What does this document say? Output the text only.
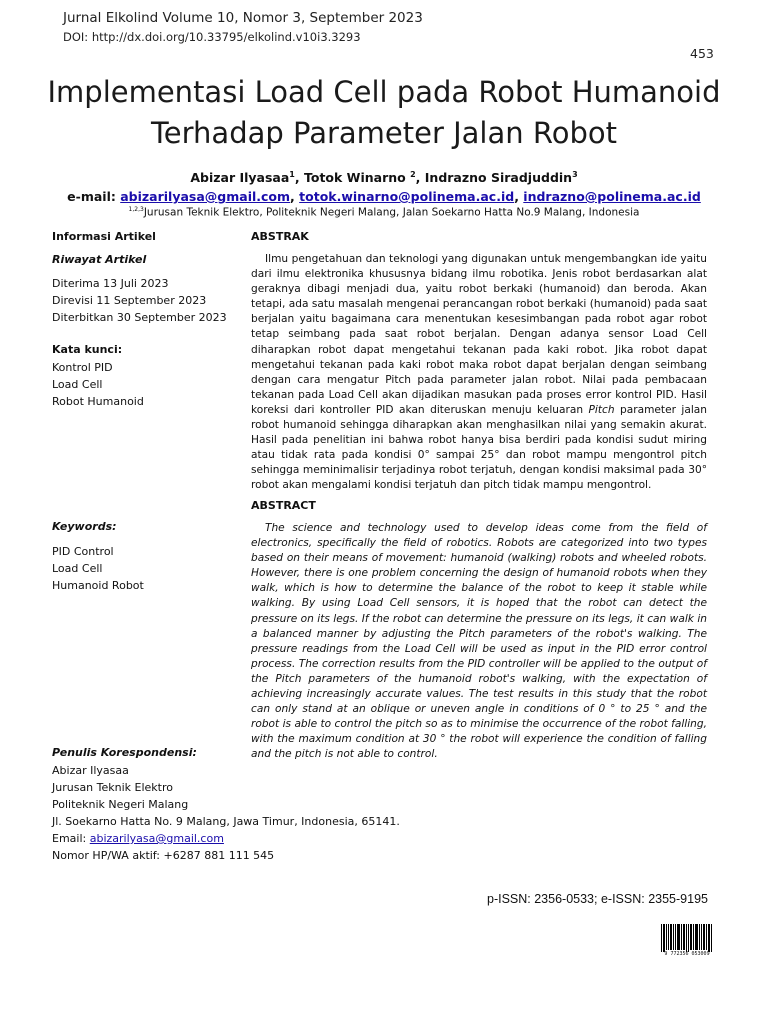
Jurnal Elkolind Volume 10, Nomor 3, September 2023
DOI: http://dx.doi.org/10.33795/elkolind.v10i3.3293
453
Implementasi Load Cell pada Robot Humanoid
Terhadap Parameter Jalan Robot
Abizar Ilyasaa$^1$, Totok Winarno $^2$, Indrazno Siradjuddin$^3$
e-mail: abizarilyasa@gmail.com, totok.winarno@polinema.ac.id, indrazno@polinema.ac.id
$^{1,2,3}$Jurusan Teknik Elektro, Politeknik Negeri Malang, Jalan Soekarno Hatta No.9 Malang, Indonesia
Informasi Artikel
Riwayat Artikel
Diterima 13 Juli 2023
Direvisi 11 September 2023
Diterbitkan 30 September 2023
Kata kunci:
Kontrol PID
Load Cell
Robot Humanoid
ABSTRAK
Ilmu pengetahuan dan teknologi yang digunakan untuk mengembangkan ide yaitu dari ilmu elektronika khususnya bidang ilmu robotika. Jenis robot berdasarkan alat geraknya dibagi menjadi dua, yaitu robot berkaki (humanoid) dan beroda. Akan tetapi, ada satu masalah mengenai perancangan robot berkaki (humanoid) pada saat berjalan yaitu bagaimana cara menentukan kesesimbangan pada robot agar robot tetap seimbang pada saat robot berjalan. Dengan adanya sensor Load Cell diharapkan robot dapat mengetahui tekanan pada kaki robot. Jika robot dapat mengetahui tekanan pada kaki robot maka robot dapat berjalan dengan seimbang dengan cara mengatur Pitch pada parameter jalan robot. Nilai pada pembacaan tekanan pada Load Cell akan dijadikan masukan pada proses error kontrol PID. Hasil koreksi dari kontroller PID akan diteruskan menuju keluaran Pitch parameter jalan robot humanoid sehingga diharapkan akan menghasilkan nilai yang semakin akurat. Hasil pada penelitian ini bahwa robot hanya bisa berdiri pada kondisi sudut miring atau tidak rata pada kondisi 0° sampai 25° dan robot mampu mengontrol pitch sehingga meminimalisir terjadinya robot terjatuh, dengan kondisi maksimal pada 30° robot akan mengalami kondisi terjatuh dan pitch tidak mampu mengontrol.
ABSTRACT
Keywords:
PID Control
Load Cell
Humanoid Robot
The science and technology used to develop ideas come from the field of electronics, specifically the field of robotics. Robots are categorized into two types based on their means of movement: humanoid (walking) robots and wheeled robots. However, there is one problem concerning the design of humanoid robots when they walk, which is how to determine the balance of the robot to keep it stable while walking. By using Load Cell sensors, it is hoped that the robot can detect the pressure on its legs. If the robot can determine the pressure on its legs, it can walk in a balanced manner by adjusting the Pitch parameters of the robot's walking. The pressure readings from the Load Cell will be used as input in the PID error control process. The correction results from the PID controller will be applied to the output of the Pitch parameters of the humanoid robot's walking, with the expectation of achieving increasingly accurate values. The test results in this study that the robot can only stand at an oblique or uneven angle in conditions of 0 ° to 25 ° and the robot is able to control the pitch so as to minimise the occurrence of the robot falling, with the maximum condition at 30 ° the robot will experience the condition of falling and the pitch is not able to control.
Penulis Korespondensi:
Abizar Ilyasaa
Jurusan Teknik Elektro
Politeknik Negeri Malang
Jl. Soekarno Hatta No. 9 Malang, Jawa Timur, Indonesia, 65141.
Email: abizarilyasa@gmail.com
Nomor HP/WA aktif: +6287 881 111 545
p-ISSN: 2356-0533; e-ISSN: 2355-9195
9 772356 053009
